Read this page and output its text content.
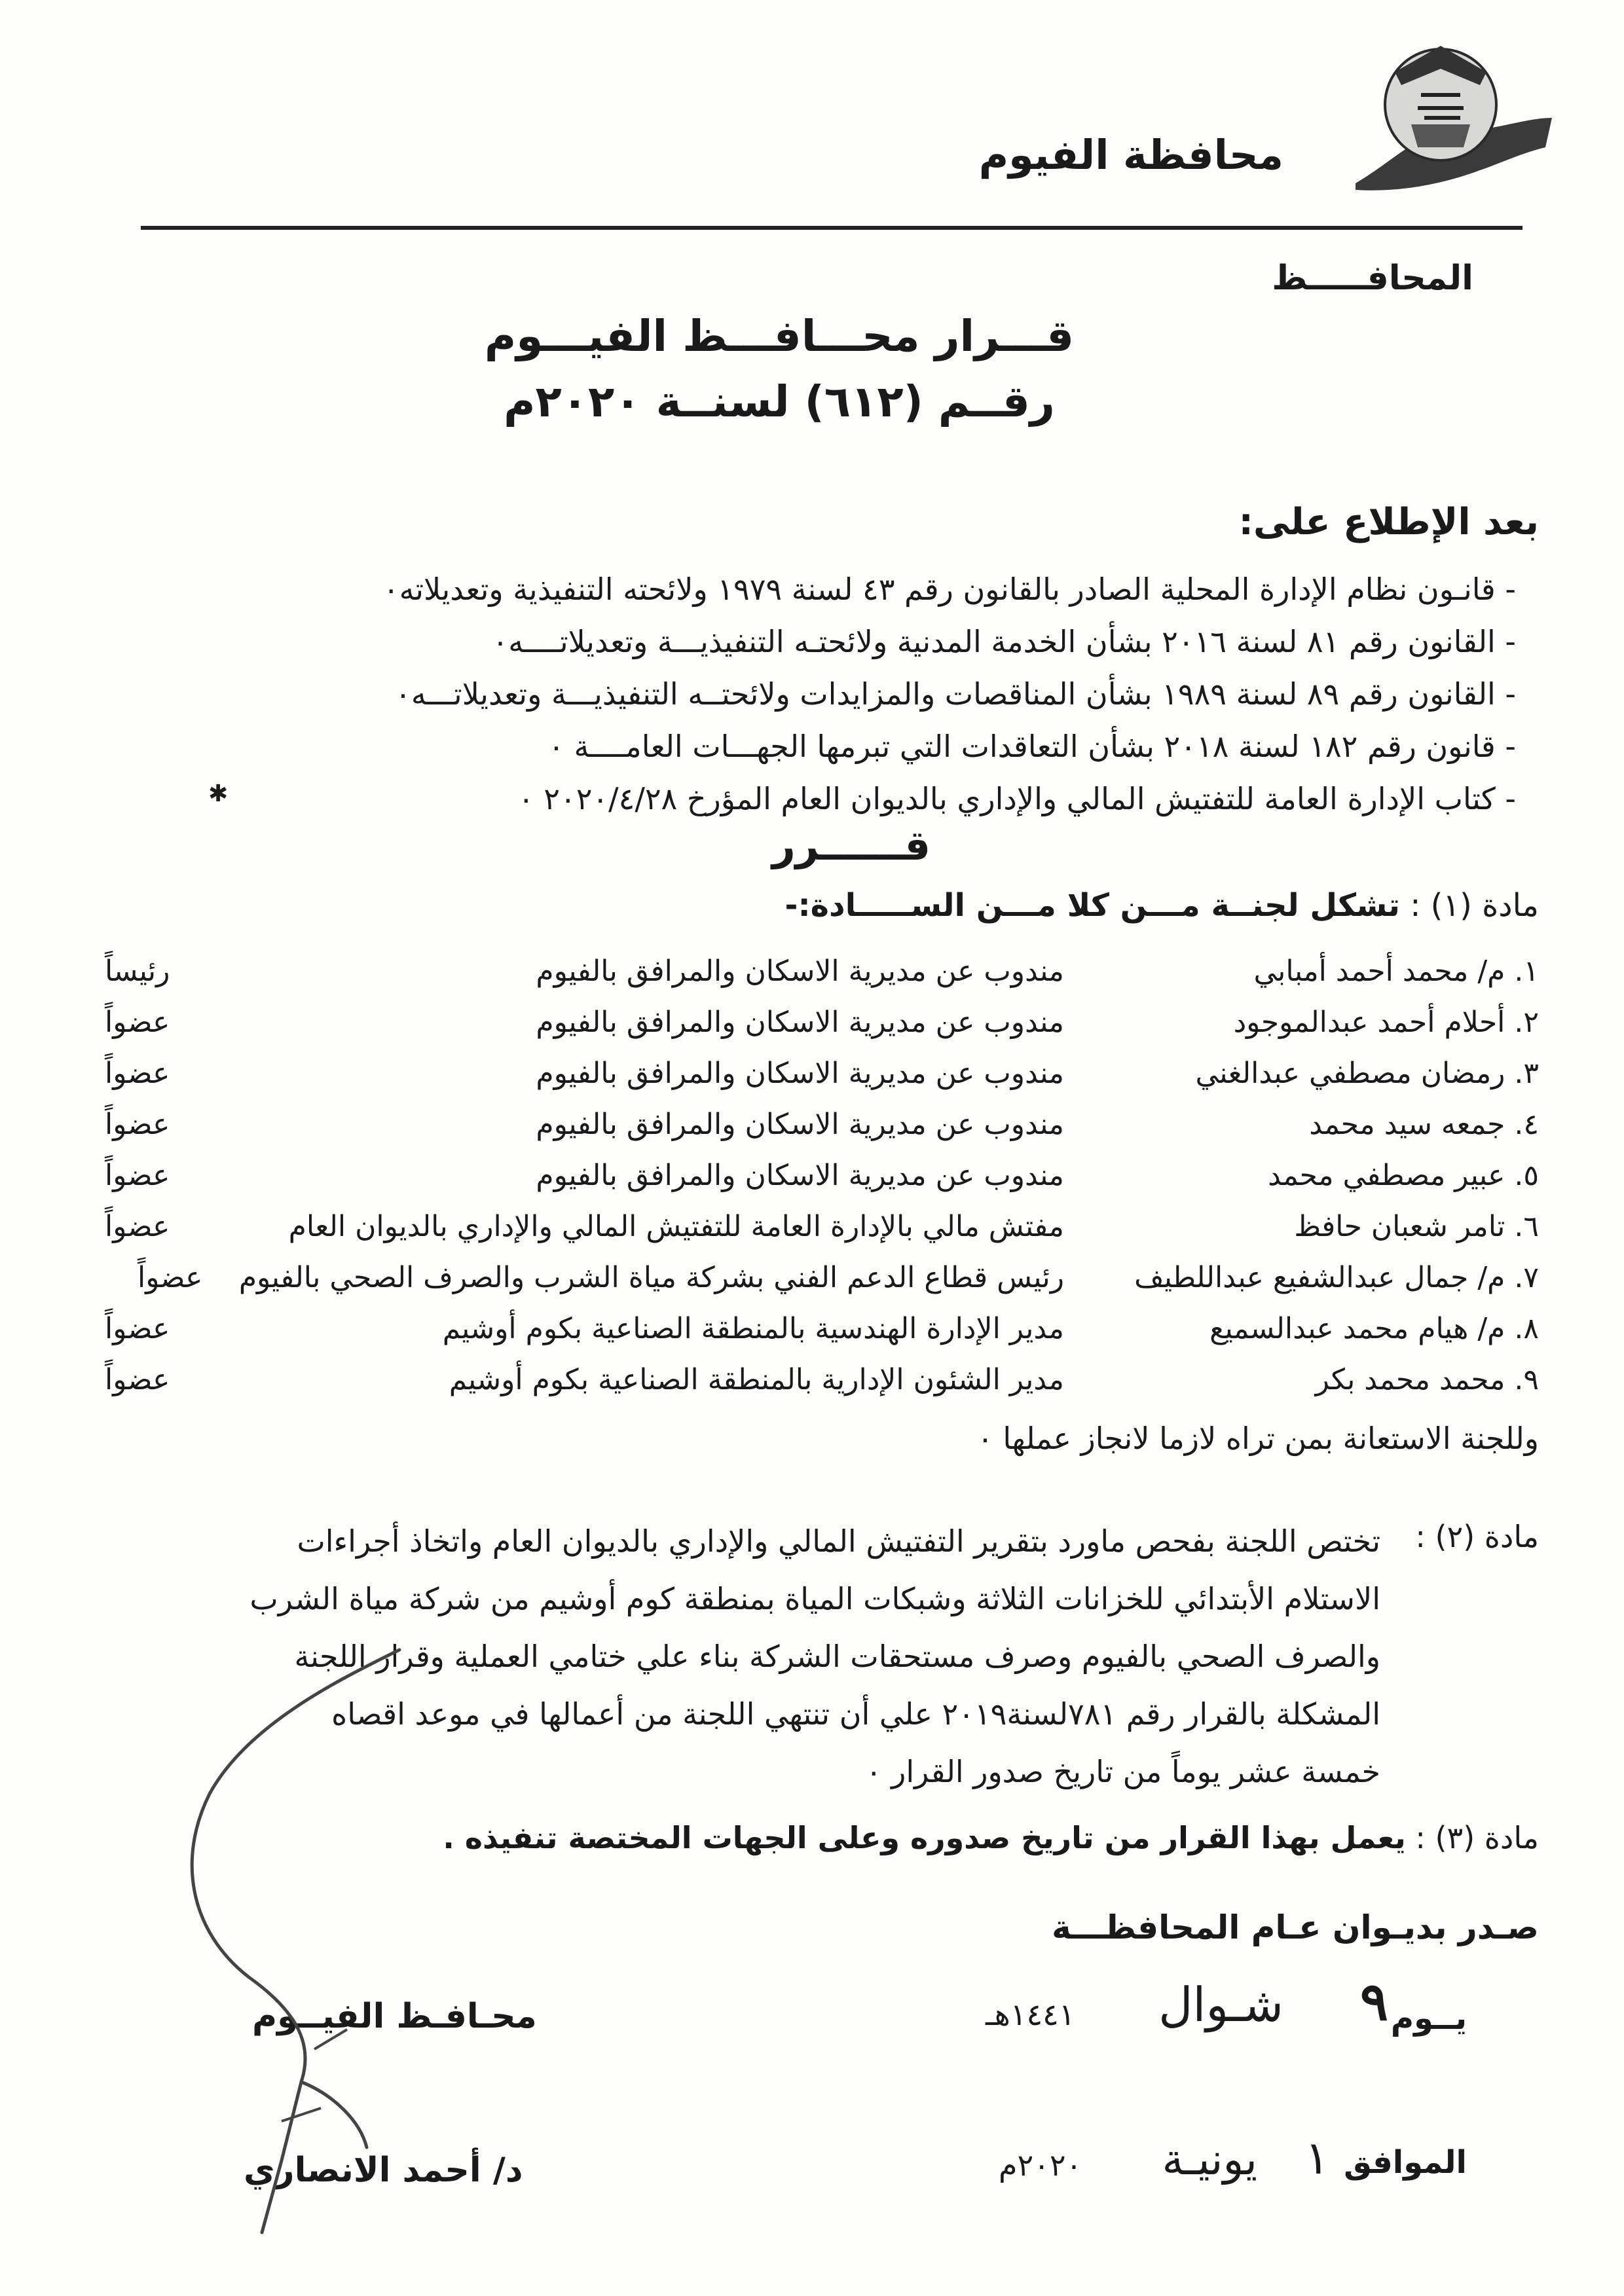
محافظة الفيوم
المحافـــــظ
قـــرار محـــافـــظ الفيـــوم
رقــم (٦١٢) لسنــة ٢٠٢٠م
بعد الإطلاع على:
- قانـون نظام الإدارة المحلية الصادر بالقانون رقم ٤٣ لسنة ١٩٧٩ ولائحته التنفيذية وتعديلاته٠
- القانون رقم ٨١ لسنة ٢٠١٦ بشأن الخدمة المدنية ولائحتـه التنفيذيـــة وتعديلاتــــه٠
- القانون رقم ٨٩ لسنة ١٩٨٩ بشأن المناقصات والمزايدات ولائحتــه التنفيذيـــة وتعديلاتـــه٠
- قانون رقم ١٨٢ لسنة ٢٠١٨ بشأن التعاقدات التي تبرمها الجهـــات العامــــة ٠
- كتاب الإدارة العامة للتفتيش المالي والإداري بالديوان العام المؤرخ ٢٠٢٠/٤/٢٨ ٠
✱
قــــــرر
مادة (١) : تشكل لجنــة مـــن كلا مـــن الســـــادة:-
١. م/ محمد أحمد أمبابي
مندوب عن مديرية الاسكان والمرافق بالفيوم
رئيساً
٢. أحلام أحمد عبدالموجود
مندوب عن مديرية الاسكان والمرافق بالفيوم
عضواً
٣. رمضان مصطفي عبدالغني
مندوب عن مديرية الاسكان والمرافق بالفيوم
عضواً
٤. جمعه سيد محمد
مندوب عن مديرية الاسكان والمرافق بالفيوم
عضواً
٥. عبير مصطفي محمد
مندوب عن مديرية الاسكان والمرافق بالفيوم
عضواً
٦. تامر شعبان حافظ
مفتش مالي بالإدارة العامة للتفتيش المالي والإداري بالديوان العام
عضواً
٧. م/ جمال عبدالشفيع عبداللطيف
رئيس قطاع الدعم الفني بشركة مياة الشرب والصرف الصحي بالفيوم
عضواً
٨. م/ هيام محمد عبدالسميع
مدير الإدارة الهندسية بالمنطقة الصناعية بكوم أوشيم
عضواً
٩. محمد محمد بكر
مدير الشئون الإدارية بالمنطقة الصناعية بكوم أوشيم
عضواً
وللجنة الاستعانة بمن تراه لازما لانجاز عملها ٠
مادة (٢) :
تختص اللجنة بفحص ماورد بتقرير التفتيش المالي والإداري بالديوان العام واتخاذ أجراءات
الاستلام الأبتدائي للخزانات الثلاثة وشبكات المياة بمنطقة كوم أوشيم من شركة مياة الشرب
والصرف الصحي بالفيوم وصرف مستحقات الشركة بناء علي ختامي العملية وقرار اللجنة
المشكلة بالقرار رقم ٧٨١لسنة٢٠١٩ علي أن تنتهي اللجنة من أعمالها في موعد اقصاه
خمسة عشر يوماً من تاريخ صدور القرار ٠
مادة (٣) : يعمل بهذا القرار من تاريخ صدوره وعلى الجهات المختصة تنفيذه .
صـدر بديـوان عـام المحافظـــة
يــوم
٩
شـوال
١٤٤١هـ
الموافق
١
يونيـة
٢٠٢٠م
محـافـظ الفيــوم
د/ أحمد الانصاري
